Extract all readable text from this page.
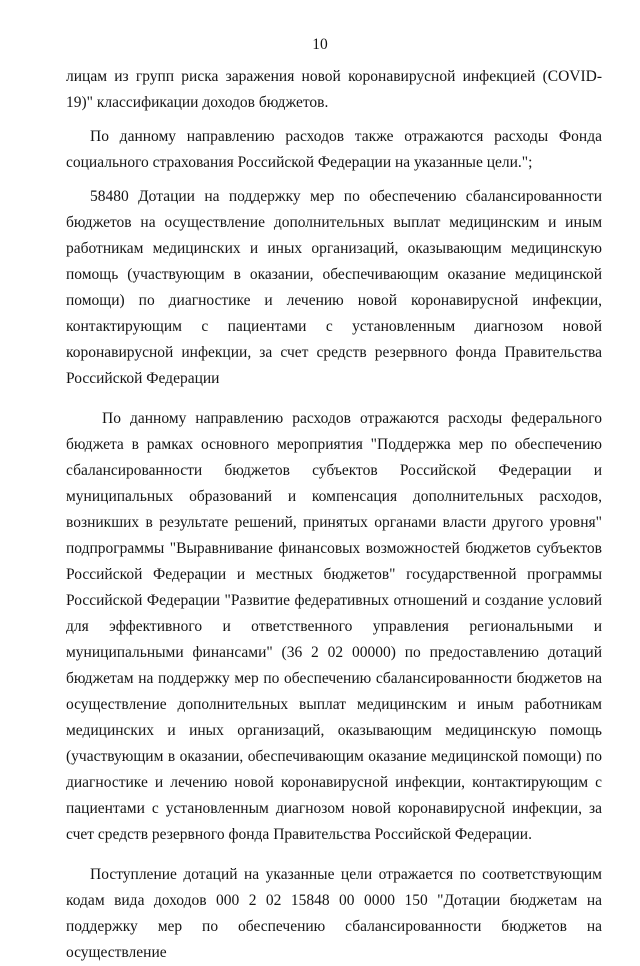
10

лицам из групп риска заражения новой коронавирусной инфекцией (COVID-19)" классификации доходов бюджетов.

По данному направлению расходов также отражаются расходы Фонда социального страхования Российской Федерации на указанные цели.";

58480 Дотации на поддержку мер по обеспечению сбалансированности бюджетов на осуществление дополнительных выплат медицинским и иным работникам медицинских и иных организаций, оказывающим медицинскую помощь (участвующим в оказании, обеспечивающим оказание медицинской помощи) по диагностике и лечению новой коронавирусной инфекции, контактирующим с пациентами с установленным диагнозом новой коронавирусной инфекции, за счет средств резервного фонда Правительства Российской Федерации

По данному направлению расходов отражаются расходы федерального бюджета в рамках основного мероприятия "Поддержка мер по обеспечению сбалансированности бюджетов субъектов Российской Федерации и муниципальных образований и компенсация дополнительных расходов, возникших в результате решений, принятых органами власти другого уровня" подпрограммы "Выравнивание финансовых возможностей бюджетов субъектов Российской Федерации и местных бюджетов" государственной программы Российской Федерации "Развитие федеративных отношений и создание условий для эффективного и ответственного управления региональными и муниципальными финансами" (36 2 02 00000) по предоставлению дотаций бюджетам на поддержку мер по обеспечению сбалансированности бюджетов на осуществление дополнительных выплат медицинским и иным работникам медицинских и иных организаций, оказывающим медицинскую помощь (участвующим в оказании, обеспечивающим оказание медицинской помощи) по диагностике и лечению новой коронавирусной инфекции, контактирующим с пациентами с установленным диагнозом новой коронавирусной инфекции, за счет средств резервного фонда Правительства Российской Федерации.

Поступление дотаций на указанные цели отражается по соответствующим кодам вида доходов 000 2 02 15848 00 0000 150 "Дотации бюджетам на поддержку мер по обеспечению сбалансированности бюджетов на осуществление
